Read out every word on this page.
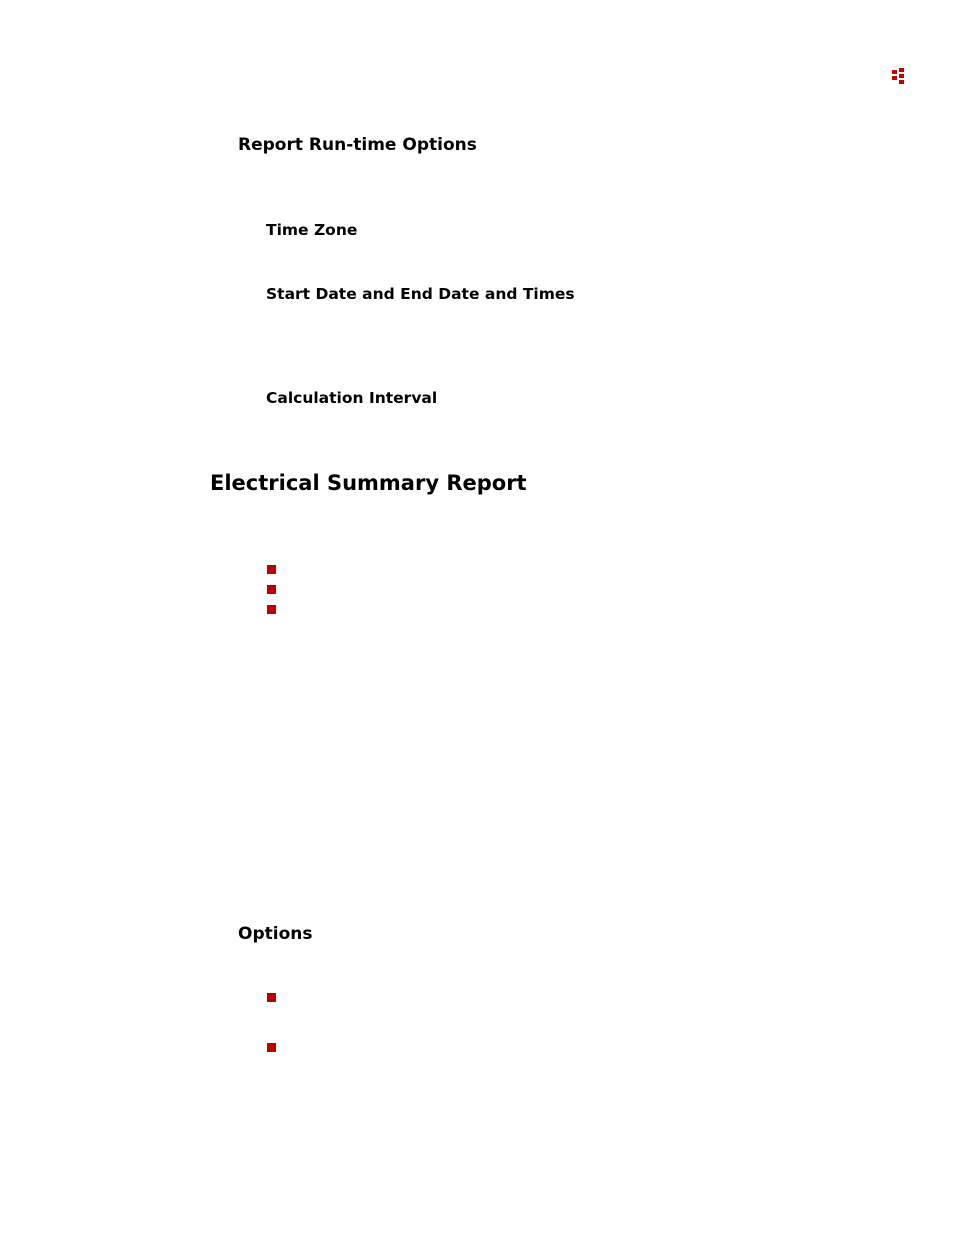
Report Run-time Options
Time Zone
Start Date and End Date and Times
Calculation Interval
Electrical Summary Report
Options
